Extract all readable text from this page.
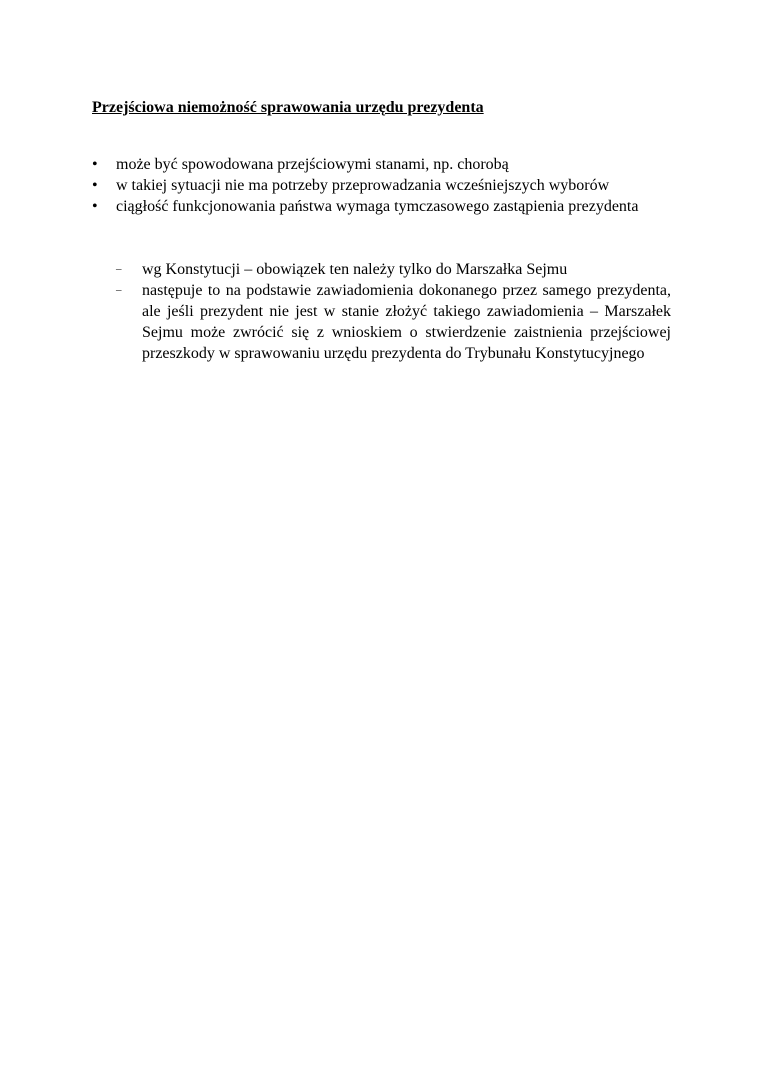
Przejściowa niemożność sprawowania urzędu prezydenta
•	może być spowodowana przejściowymi stanami, np. chorobą
•	w takiej sytuacji nie ma potrzeby przeprowadzania wcześniejszych wyborów
•	ciągłość funkcjonowania państwa wymaga tymczasowego zastąpienia prezydenta
–	wg Konstytucji – obowiązek ten należy tylko do Marszałka Sejmu
–	następuje to na podstawie zawiadomienia dokonanego przez samego prezydenta, ale jeśli prezydent nie jest w stanie złożyć takiego zawiadomienia – Marszałek Sejmu może zwrócić się z wnioskiem o stwierdzenie zaistnienia przejściowej przeszkody w sprawowaniu urzędu prezydenta do Trybunału Konstytucyjnego
